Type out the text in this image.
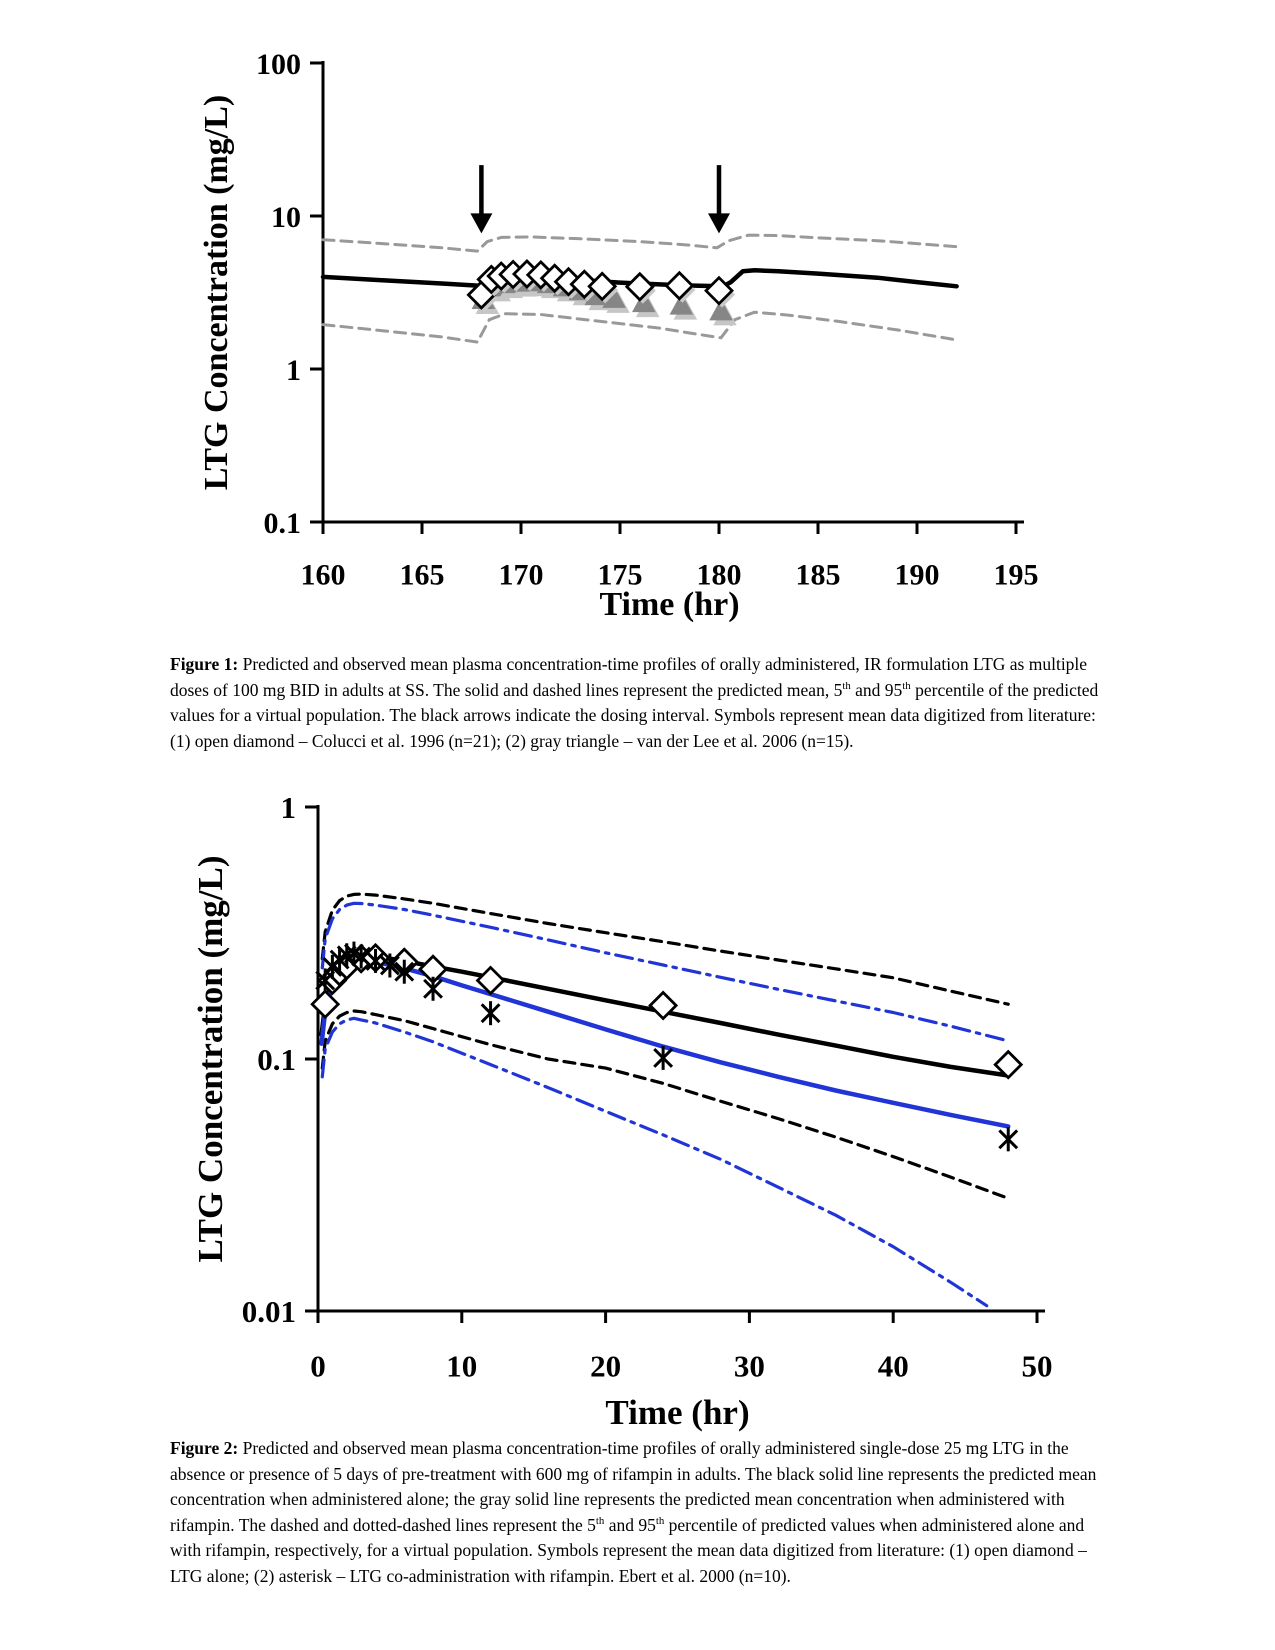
100
10
1
0.1
160 165 170 175 180 185 190 195
LTG Concentration (mg/L)
Time (hr)
Figure 1: Predicted and observed mean plasma concentration-time profiles of orally administered, IR formulation LTG as multiple doses of 100 mg BID in adults at SS. The solid and dashed lines represent the predicted mean, 5th and 95th percentile of the predicted values for a virtual population. The black arrows indicate the dosing interval. Symbols represent mean data digitized from literature: (1) open diamond – Colucci et al. 1996 (n=21); (2) gray triangle – van der Lee et al. 2006 (n=15).
1
0.1
0.01
0	10	20	30	40	50
LTG Concentration (mg/L)
Time (hr)
Figure 2: Predicted and observed mean plasma concentration-time profiles of orally administered single-dose 25 mg LTG in the absence or presence of 5 days of pre-treatment with 600 mg of rifampin in adults. The black solid line represents the predicted mean concentration when administered alone; the gray solid line represents the predicted mean concentration when administered with rifampin. The dashed and dotted-dashed lines represent the 5th and 95th percentile of predicted values when administered alone and with rifampin, respectively, for a virtual population. Symbols represent the mean data digitized from literature: (1) open diamond – LTG alone; (2) asterisk – LTG co-administration with rifampin. Ebert et al. 2000 (n=10).
